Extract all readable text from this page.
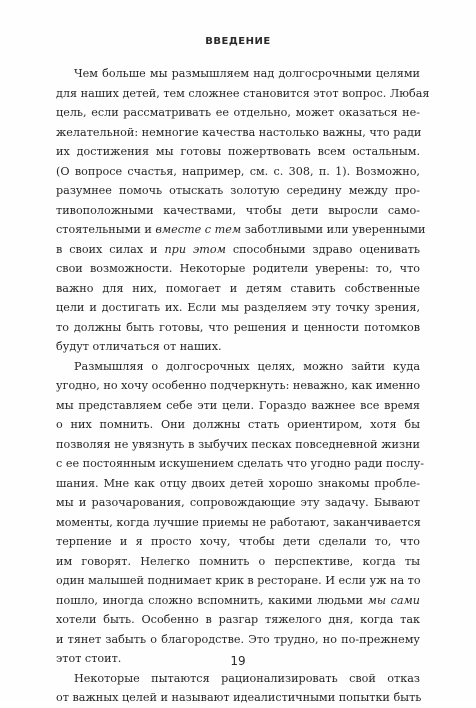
ВВЕДЕНИЕ
Чем больше мы размышляем над долгосрочными целями
для наших детей, тем сложнее становится этот вопрос. Любая
цель, если рассматривать ее отдельно, может оказаться не-
желательной: немногие качества настолько важны, что ради
их достижения мы готовы пожертвовать всем остальным.
(О вопросе счастья, например, см. с. 308, п. 1). Возможно,
разумнее помочь отыскать золотую середину между про-
тивоположными качествами, чтобы дети выросли само-
стоятельными и вместе с тем заботливыми или уверенными
в своих силах и при этом способными здраво оценивать
свои возможности. Некоторые родители уверены: то, что
важно для них, помогает и детям ставить собственные
цели и достигать их. Если мы разделяем эту точку зрения,
то должны быть готовы, что решения и ценности потомков
будут отличаться от наших.
Размышляя о долгосрочных целях, можно зайти куда
угодно, но хочу особенно подчеркнуть: неважно, как именно
мы представляем себе эти цели. Гораздо важнее все время
о них помнить. Они должны стать ориентиром, хотя бы
позволяя не увязнуть в зыбучих песках повседневной жизни
с ее постоянным искушением сделать что угодно ради послу-
шания. Мне как отцу двоих детей хорошо знакомы пробле-
мы и разочарования, сопровождающие эту задачу. Бывают
моменты, когда лучшие приемы не работают, заканчивается
терпение и я просто хочу, чтобы дети сделали то, что
им говорят. Нелегко помнить о перспективе, когда ты
один малышей поднимает крик в ресторане. И если уж на то
пошло, иногда сложно вспомнить, какими людьми мы сами
хотели быть. Особенно в разгар тяжелого дня, когда так
и тянет забыть о благородстве. Это трудно, но по-прежнему
этот стоит.
Некоторые пытаются рационализировать свой отказ
от важных целей и называют идеалистичными попытки быть
19
